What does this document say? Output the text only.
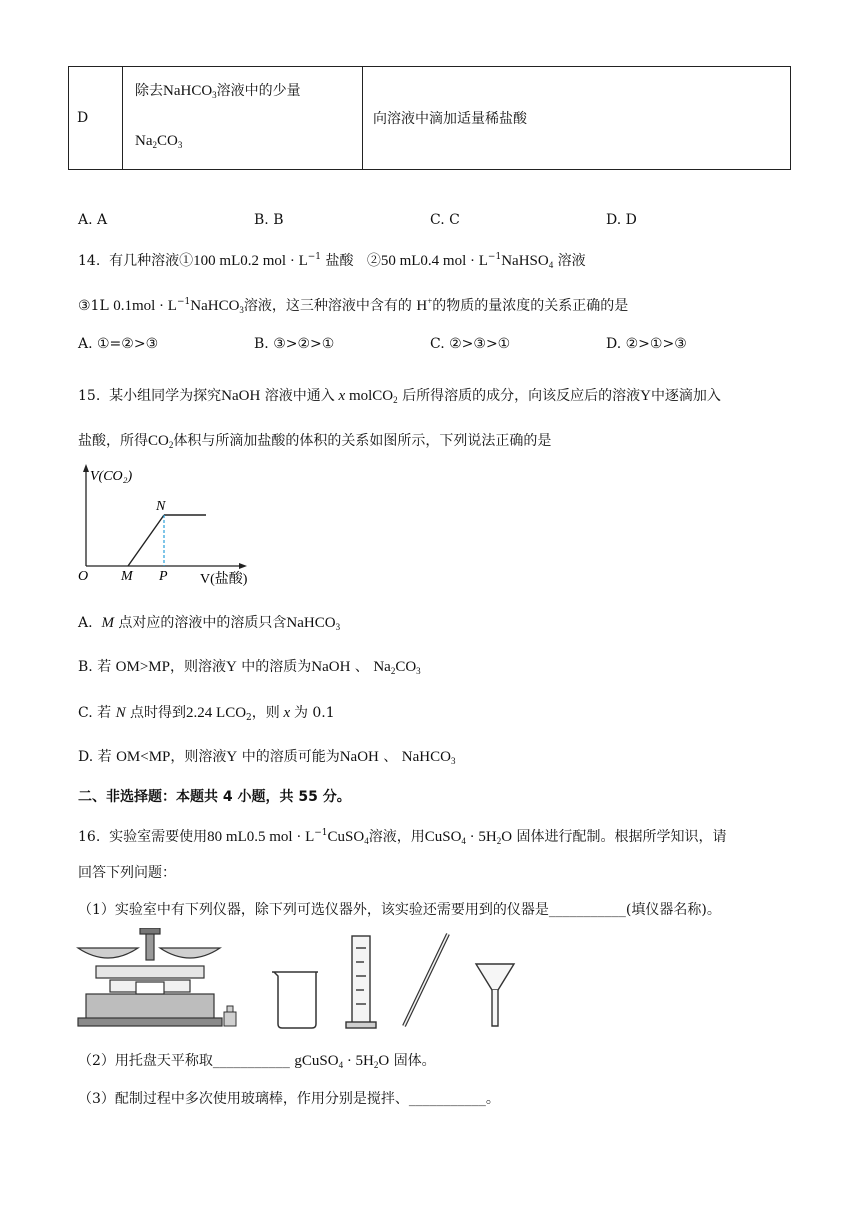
D	
除去NaHCO$_3$溶液中的少量
$Na_2CO_3$
	向溶液中滴加适量稀盐酸
A. A	B. B	C. C	D. D
14. 有几种溶液①100 mL0.2 mol · $L^{-1}$ 盐酸 ②50 mL0.4 mol · $L^{-1}NaHSO_4$ 溶液
③1L $0.1mol \cdot L^{-1}NaHCO_3$溶液，这三种溶液中含有的 H+的物质的量浓度的关系正确的是
A. ①=②>③	B. ③>②>①	C. ②>③>①	D. ②>①>③
15. 某小组同学为探究NaOH 溶液中通入 x molCO$_2$ 后所得溶质的成分，向该反应后的溶液Y中逐滴加入
盐酸，所得$CO_2$体积与所滴加盐酸的体积的关系如图所示，下列说法正确的是
V(CO₂)
N
O M P V(盐酸)
A. M 点对应的溶液中的溶质只含NaHCO$_3$
B. 若 OM>MP，则溶液Y 中的溶质为NaOH 、 $Na_2CO_3$
C. 若 N 点时得到2.24 $LCO_2$，则 x 为 0.1
D. 若 OM<MP，则溶液Y 中的溶质可能为NaOH 、 NaHCO$_3$
二、非选择题：本题共 4 小题，共 55 分。
16. 实验室需要使用80 mL0.5 mol · $L^{-1}CuSO_4$溶液，用CuSO$_4$ · $5H_2O$ 固体进行配制。根据所学知识，请
回答下列问题：
（1）实验室中有下列仪器，除下列可选仪器外，该实验还需要用到的仪器是___________(填仪器名称)。
（2）用托盘天平称取___________ gCuSO$_4$ · $5H_2O$ 固体。
（3）配制过程中多次使用玻璃棒，作用分别是搅拌、___________。
